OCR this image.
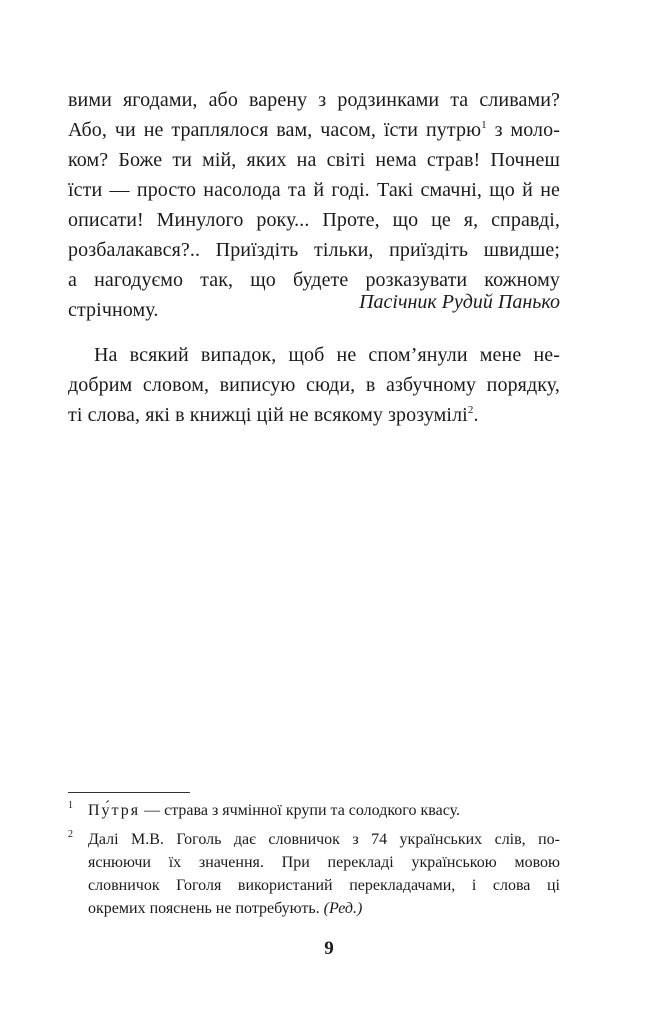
вими ягодами, або варену з родзинками та сливами?
Або, чи не траплялося вам, часом, їсти путрю$^1$ з моло-
ком? Боже ти мій, яких на світі нема страв! Почнеш
їсти — просто насолода та й годі. Такі смачні, що й не
описати! Минулого року... Проте, що це я, справді,
розбалакався?.. Приїздіть тільки, приїздіть швидше;
а нагодуємо так, що будете розказувати кожному
стрічному.	Пасічник Рудий Панько
На всякий випадок, щоб не спом’янули мене не-
добрим словом, виписую сюди, в азбучному порядку,
ті слова, які в книжці цій не всякому зрозумілі$^2$.
1 Пу́тря — страва з ячмінної крупи та солодкого квасу.
2 Далі М.В. Гоголь дає словничок з 74 українських слів, по-
яснюючи їх значення. При перекладі українською мовою
словничок Гоголя використаний перекладачами, і слова ці
окремих пояснень не потребують. (Ред.)
9
